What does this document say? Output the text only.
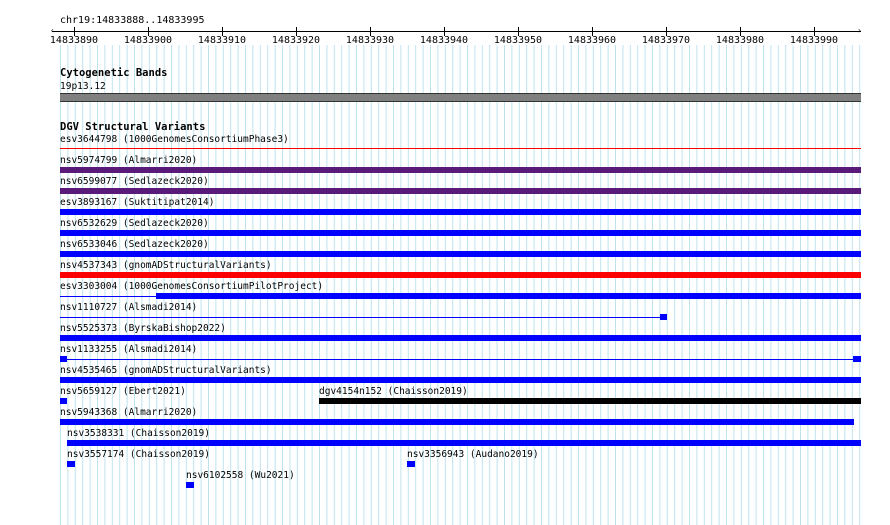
chr19:14833888..14833995
‹	›
14833890	14833900	14833910	14833920	14833930	14833940	14833950	14833960	14833970	14833980	14833990
Cytogenetic Bands
19p13.12
DGV Structural Variants
esv3644798 (1000GenomesConsortiumPhase3)
nsv5974799 (Almarri2020)
nsv6599077 (Sedlazeck2020)
esv3893167 (Suktitipat2014)
nsv6532629 (Sedlazeck2020)
nsv6533046 (Sedlazeck2020)
nsv4537343 (gnomADStructuralVariants)
esv3303004 (1000GenomesConsortiumPilotProject)
nsv1110727 (Alsmadi2014)
nsv5525373 (ByrskaBishop2022)
nsv1133255 (Alsmadi2014)
nsv4535465 (gnomADStructuralVariants)
nsv5659127 (Ebert2021)	dgv4154n152 (Chaisson2019)
nsv5943368 (Almarri2020)
nsv3538331 (Chaisson2019)
nsv3557174 (Chaisson2019)	nsv3356943 (Audano2019)
nsv6102558 (Wu2021)
